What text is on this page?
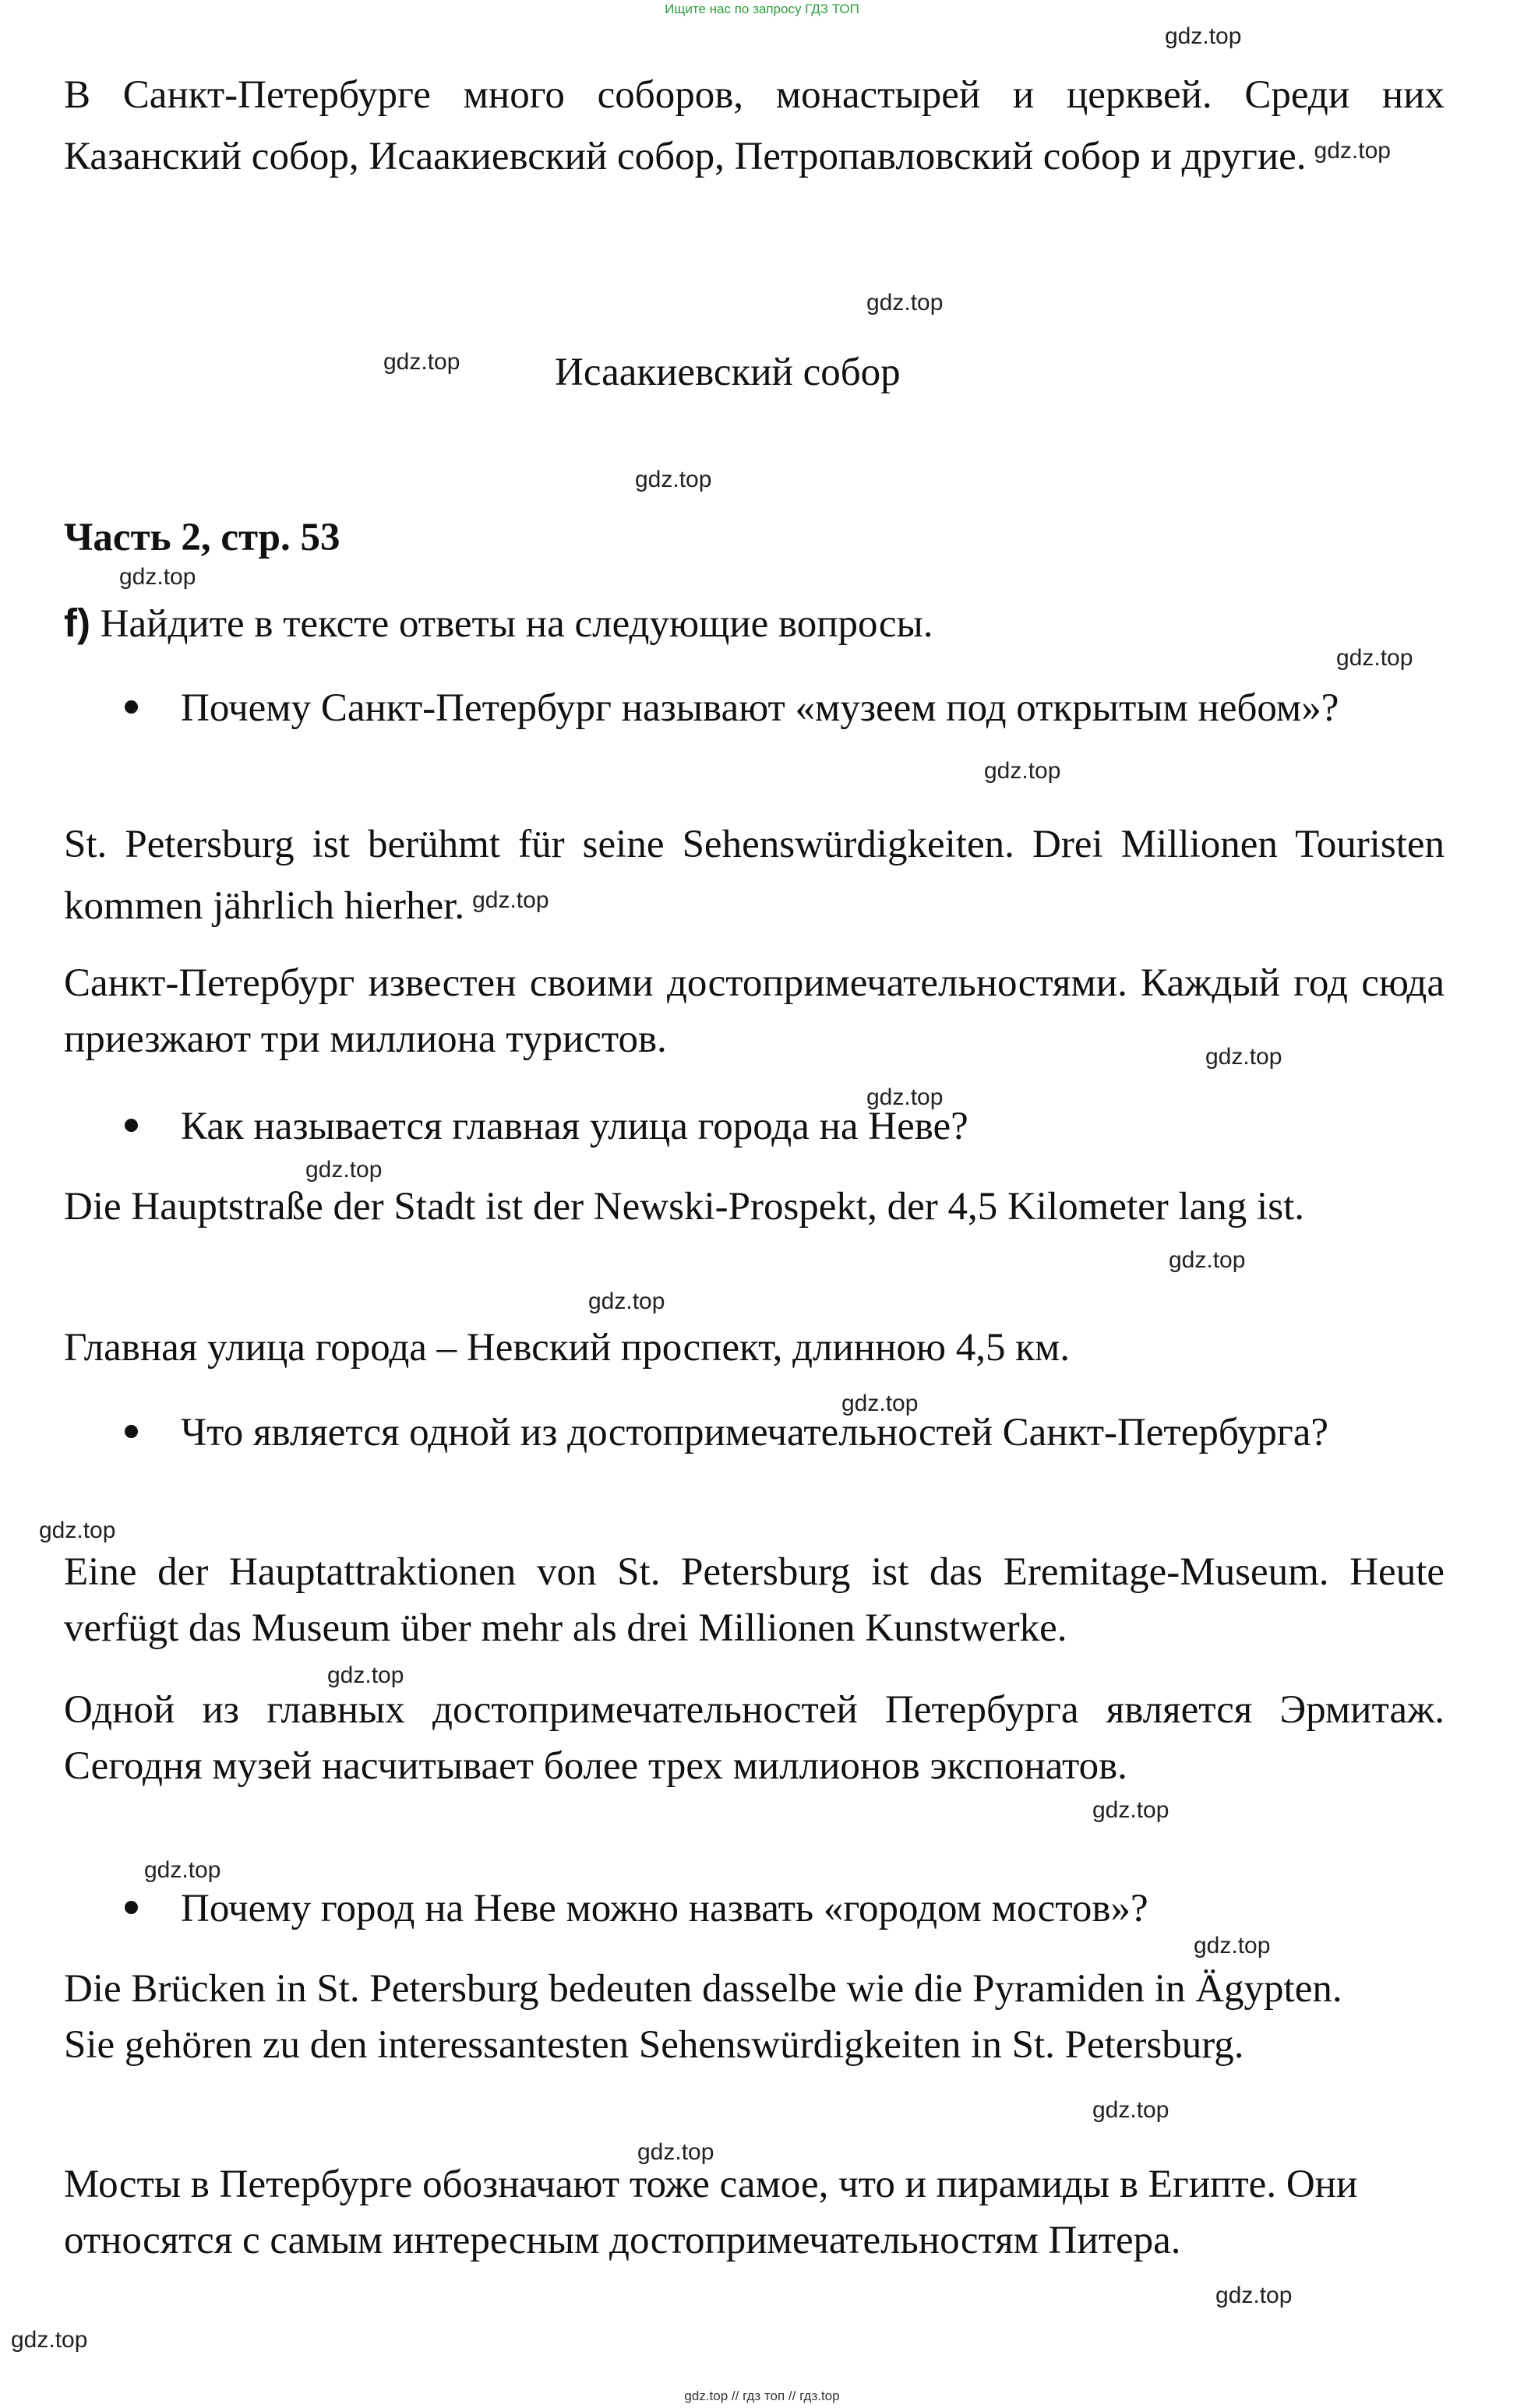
Ищите нас по запросу ГДЗ ТОП
gdz.top
gdz.top
gdz.top
gdz.top
gdz.top
gdz.top
gdz.top
gdz.top
gdz.top
gdz.top
gdz.top
gdz.top
gdz.top
gdz.top
gdz.top
gdz.top
gdz.top
gdz.top
gdz.top
gdz.top
gdz.top
gdz.top

В Санкт-Петербурге много соборов, монастырей и церквей. Среди них Казанский собор, Исаакиевский собор, Петропавловский собор и другие. $^{gdz.top}$

Исаакиевский собор

Часть 2, стр. 53

f) Найдите в тексте ответы на следующие вопросы.

Почему Санкт-Петербург называют «музеем под открытым небом»?

St. Petersburg ist berühmt für seine Sehenswürdigkeiten. Drei Millionen Touristen kommen jährlich hierher. $^{gdz.top}$

Санкт-Петербург известен своими достопримечательностями. Каждый год сюда приезжают три миллиона туристов.

Как называется главная улица города на Неве?

Die Hauptstraße der Stadt ist der Newski-Prospekt, der 4,5 Kilometer lang ist.

Главная улица города – Невский проспект, длинною 4,5 км.

Что является одной из достопримечательностей Санкт-Петербурга?

Eine der Hauptattraktionen von St. Petersburg ist das Eremitage-Museum. Heute verfügt das Museum über mehr als drei Millionen Kunstwerke.

Одной из главных достопримечательностей Петербурга является Эрмитаж. Сегодня музей насчитывает более трех миллионов экспонатов.

Почему город на Неве можно назвать «городом мостов»?

Die Brücken in St. Petersburg bedeuten dasselbe wie die Pyramiden in Ägypten. Sie gehören zu den interessantesten Sehenswürdigkeiten in St. Petersburg.

Мосты в Петербурге обозначают тоже самое, что и пирамиды в Египте. Они относятся с самым интересным достопримечательностям Питера.

gdz.top // гдз топ // гдз.top
